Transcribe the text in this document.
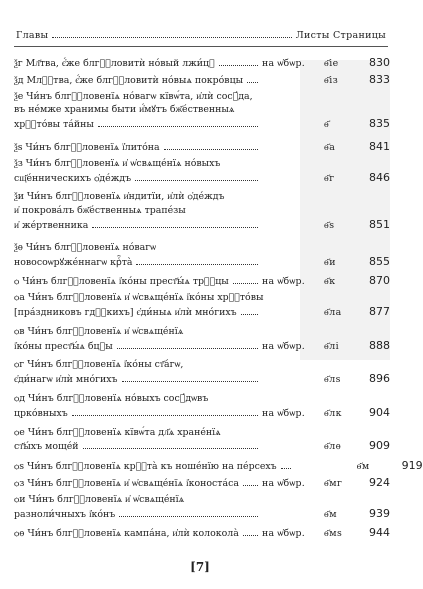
Главы	Листы Страницы
ѯг Мл҃тва, є҆́же блгⷭ҇ловитѝ но́вый лжи́цꙋ	на ѡ҆бѡр.	ѳ҃іе	830
ѯд Млⷭ҇тва, є҆́же блгⷭ҇ловитѝ но́выѧ покро́вцы	ѳ҃із	833
ѯе Чи́нъ блгⷭ҇ловенїѧ но́вагѡ кївѡ́та, и҆лѝ сосꙋ́да,
въ не́мже хранимы быти и҆́мꙋтъ бж҃е́ственныѧ
хрⷭ҇то́вы та́йны	ѳ҃	835
ѯѕ Чи́нъ блгⷭ҇ловенїѧ ї҆лито́на	ѳ҃а	841
ѯз Чи́нъ блгⷭ҇ловенїѧ и҆ ѡ҆свѧще́нїѧ но́выхъ
сщ҃е́нническихъ ѻ҆де́ждъ	ѳ҃г	846
ѯи Чи́нъ блгⷭ҇ловенїѧ и҆ндитїи, и҆лѝ ѻ҆де́ждъ
и҆ покрова́лъ бж҃е́ственныѧ трапе́зы
и҆ же́ртвенника	ѳ҃ѕ	851
ѯѳ Чи́нъ блгⷭ҇ловенїѧ но́вагѡ
новосоѡрꙋже́ннагѡ крⷭ҇та̀	ѳ҃и	855
ѻ Чи́нъ блгⷭ҇ловенїѧ і҆ко́ны прест҃ы́ѧ трⷪ҇цы	на ѡ҆бѡр.	ѳ҃к	870
ѻа Чи́нъ блгⷭ҇ловенїѧ и҆ ѡ҆свѧще́нїѧ і҆ко́ны хрⷭ҇то́вы
[пра́здниковъ гдⷭ҇кихъ] є҆ди́ныѧ и҆лѝ мно́гихъ	ѳ҃ла	877
ѻв Чи́нъ блгⷭ҇ловенїѧ и҆ ѡ҆свѧще́нїѧ
і҆ко́ны прест҃ы́ѧ бцⷣы	на ѡ҆бѡр.	ѳ҃лі	888
ѻг Чи́нъ блгⷭ҇ловенїѧ і҆ко́ны ст҃а́гѡ,
є҆ди́нагѡ и҆лѝ мно́гихъ	ѳ҃лѕ	896
ѻд Чи́нъ блгⷭ҇ловенїѧ но́выхъ сосꙋ́дѡвъ
црко́вныхъ	на ѡ҆бѡр.	ѳ҃лк	904
ѻе Чи́нъ блгⷭ҇ловенїѧ кївѡ́та дл҃ѧ хране́нїѧ
ст҃ы́хъ моще́й	ѳ҃лѳ	909
ѻѕ Чи́нъ блгⷭ҇ловенїѧ крⷭ҇та̀ къ ноше́нїю на пе́рсехъ	ѳ҃м	919
ѻз Чи́нъ блгⷭ҇ловенїѧ и҆ ѡ҆свѧще́нїѧ і҆коноста́са на ѡ҆бѡр.	ѳ҃мг	924
ѻи Чи́нъ блгⷭ҇ловенїѧ и҆ ѡ҆свѧще́нїѧ
разноли́чныхъ і҆ко́нъ	ѳ҃м	939
ѻѳ Чи́нъ блгⷭ҇ловенїѧ кампа́на, и҆лѝ колокола̀ на ѡ҆бѡр.	ѳ҃мѕ	944
[7]
